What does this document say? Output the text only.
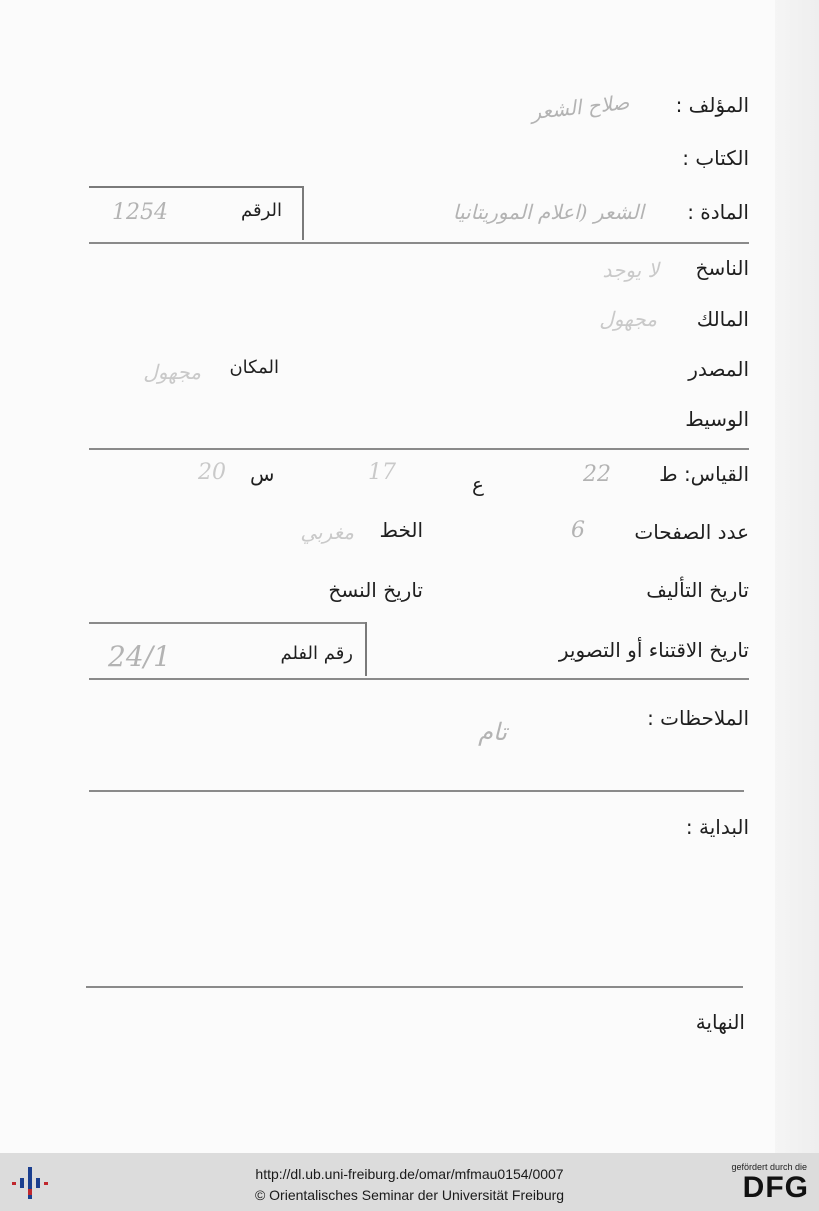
المؤلف :
صلاح الشعر
الكتاب :
الرقم
1254	المادة :
الشعر (اعلام الموريتانيا
الناسخ
لا يوجد
المالك
مجهول
المصدر
المكان
مجهول
الوسيط
القياس: ط
22
ع
17
س
20
عدد الصفحات
6
الخط
مغربي
تاريخ التأليف
تاريخ النسخ
رقم الفلم
24/1	تاريخ الاقتناء أو التصوير
الملاحظات :
تام
البداية :
النهاية
http://dl.ub.uni-freiburg.de/omar/mfmau0154/0007
© Orientalisches Seminar der Universität Freiburg
gefördert durch die
DFG
